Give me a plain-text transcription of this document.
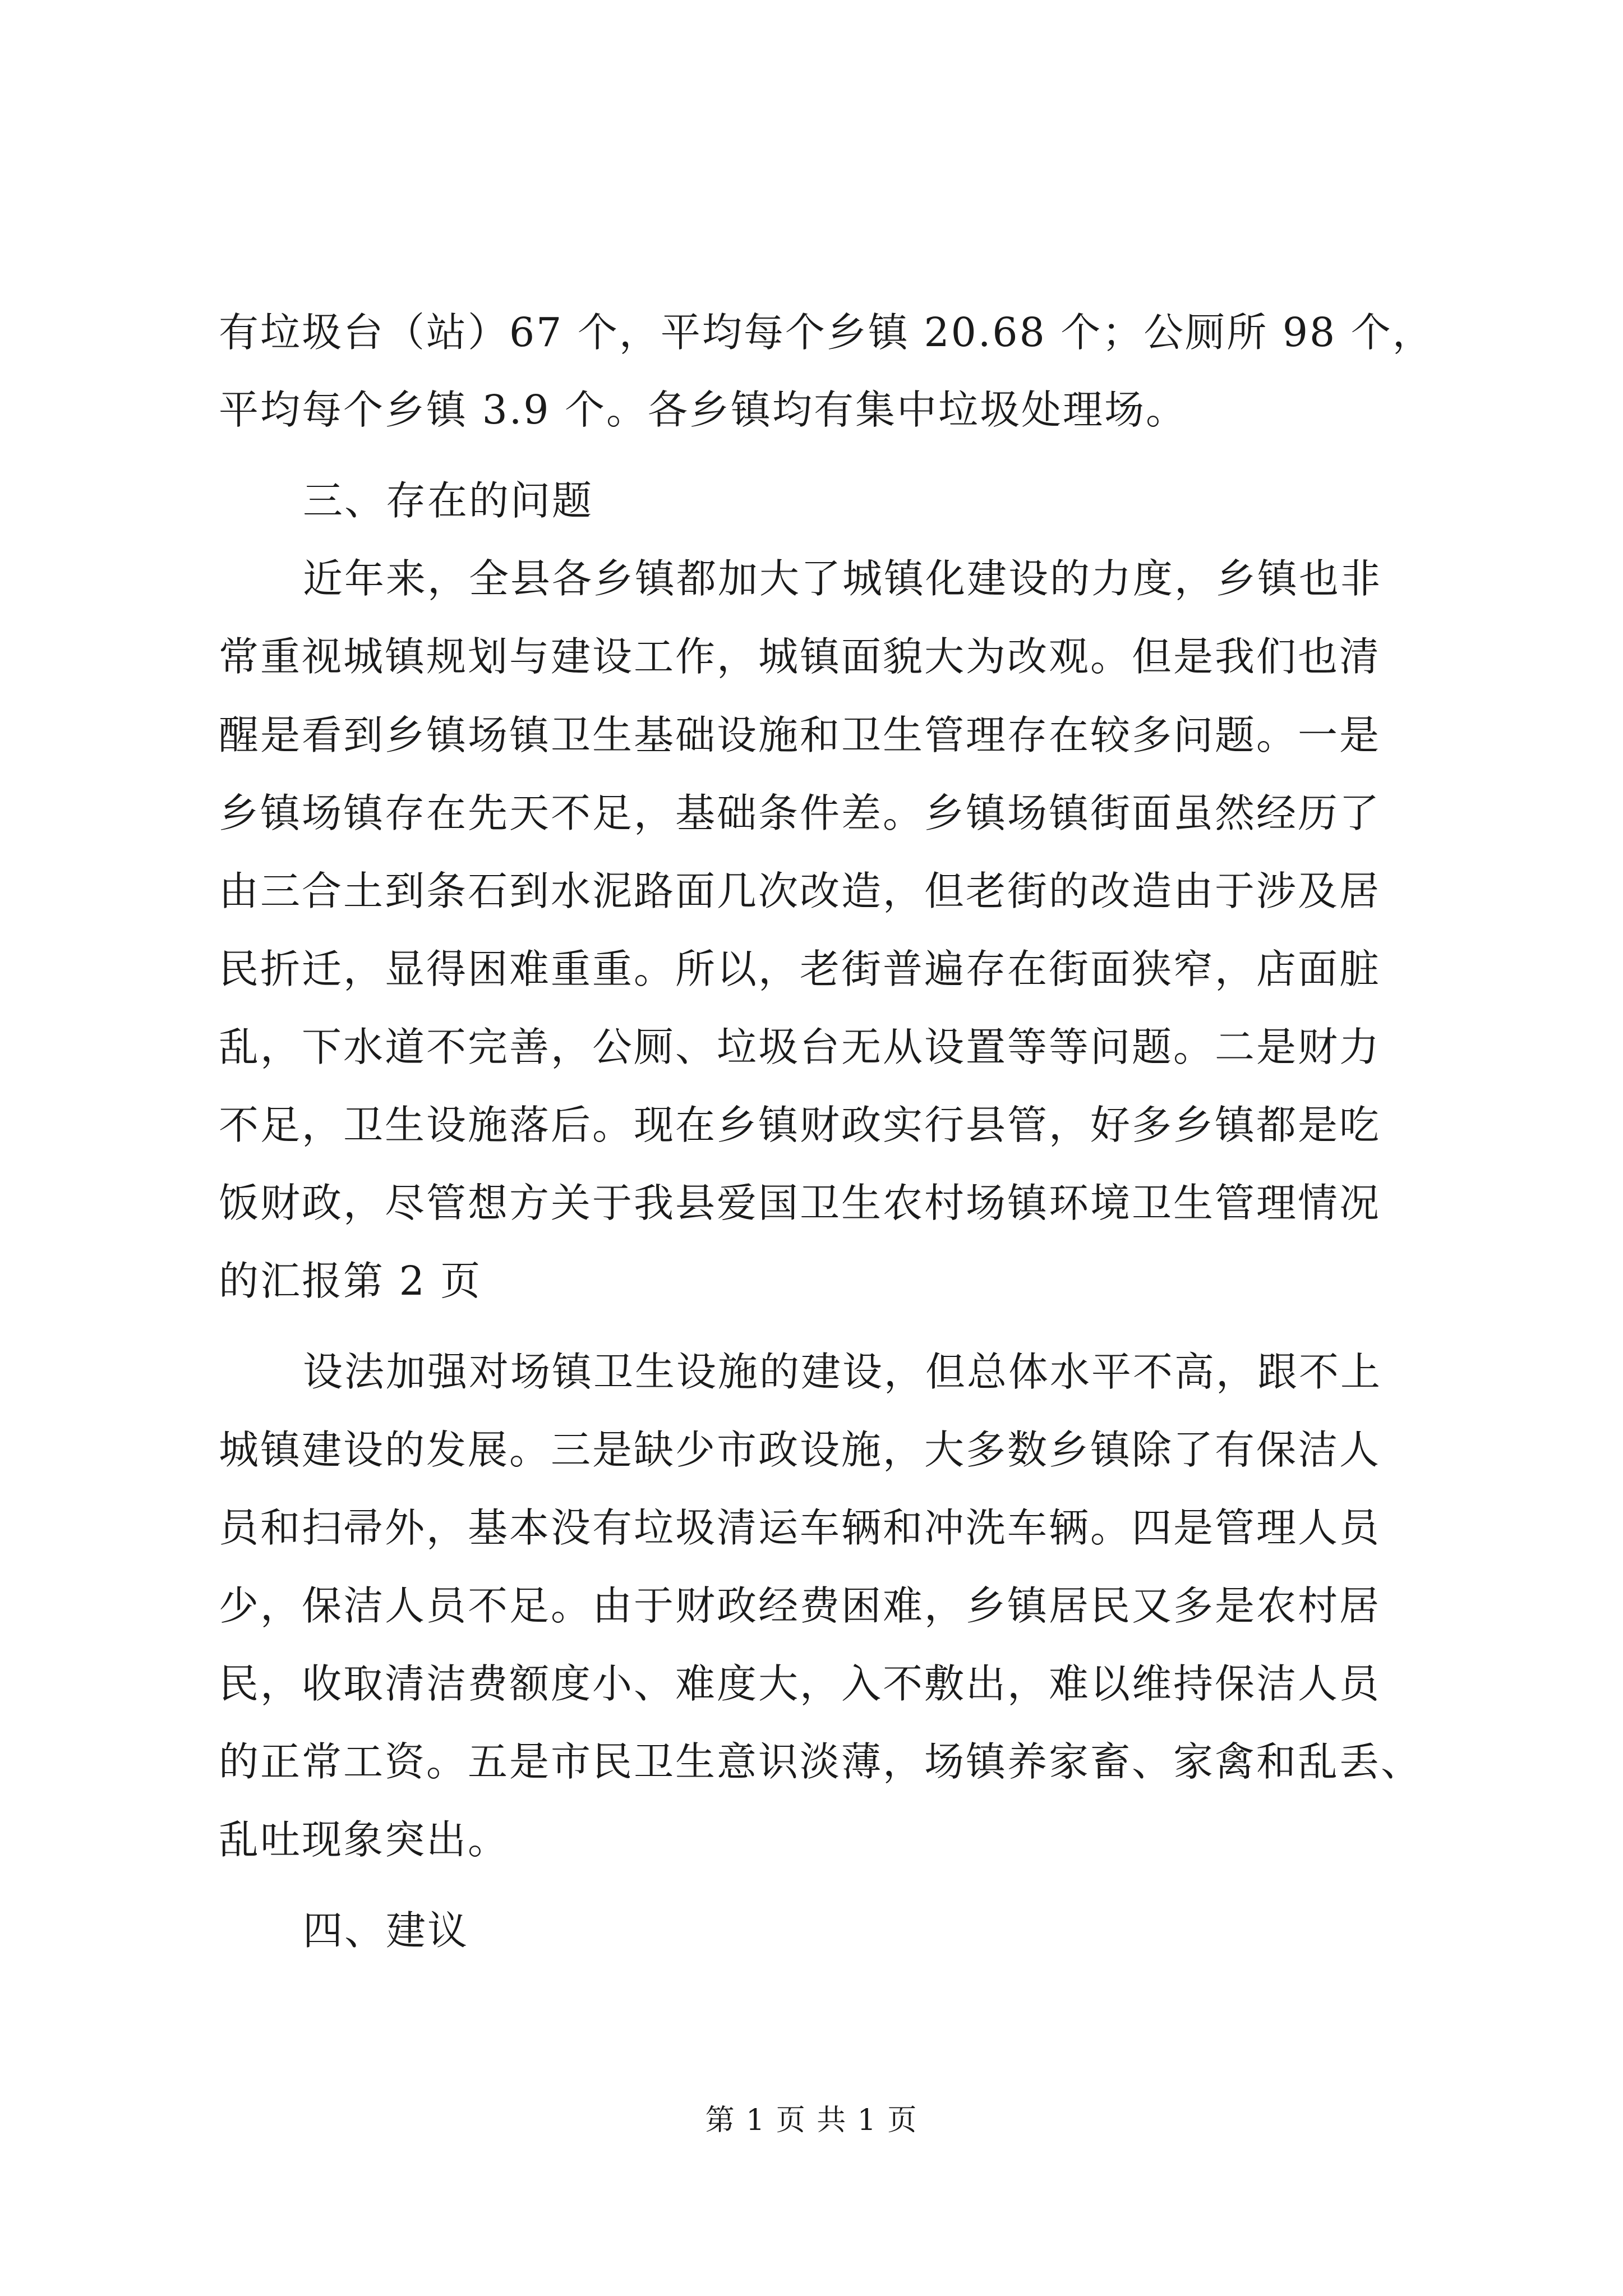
有垃圾台（站）67 个，平均每个乡镇 20.68 个；公厕所 98 个，
平均每个乡镇 3.9 个。各乡镇均有集中垃圾处理场。
三、存在的问题
近年来，全县各乡镇都加大了城镇化建设的力度，乡镇也非
常重视城镇规划与建设工作，城镇面貌大为改观。但是我们也清
醒是看到乡镇场镇卫生基础设施和卫生管理存在较多问题。一是
乡镇场镇存在先天不足，基础条件差。乡镇场镇街面虽然经历了
由三合土到条石到水泥路面几次改造，但老街的改造由于涉及居
民折迁，显得困难重重。所以，老街普遍存在街面狭窄，店面脏
乱，下水道不完善，公厕、垃圾台无从设置等等问题。二是财力
不足，卫生设施落后。现在乡镇财政实行县管，好多乡镇都是吃
饭财政，尽管想方关于我县爱国卫生农村场镇环境卫生管理情况
的汇报第 2 页
设法加强对场镇卫生设施的建设，但总体水平不高，跟不上
城镇建设的发展。三是缺少市政设施，大多数乡镇除了有保洁人
员和扫帚外，基本没有垃圾清运车辆和冲洗车辆。四是管理人员
少，保洁人员不足。由于财政经费困难，乡镇居民又多是农村居
民，收取清洁费额度小、难度大，入不敷出，难以维持保洁人员
的正常工资。五是市民卫生意识淡薄，场镇养家畜、家禽和乱丢、
乱吐现象突出。
四、建议
第 1 页 共 1 页
